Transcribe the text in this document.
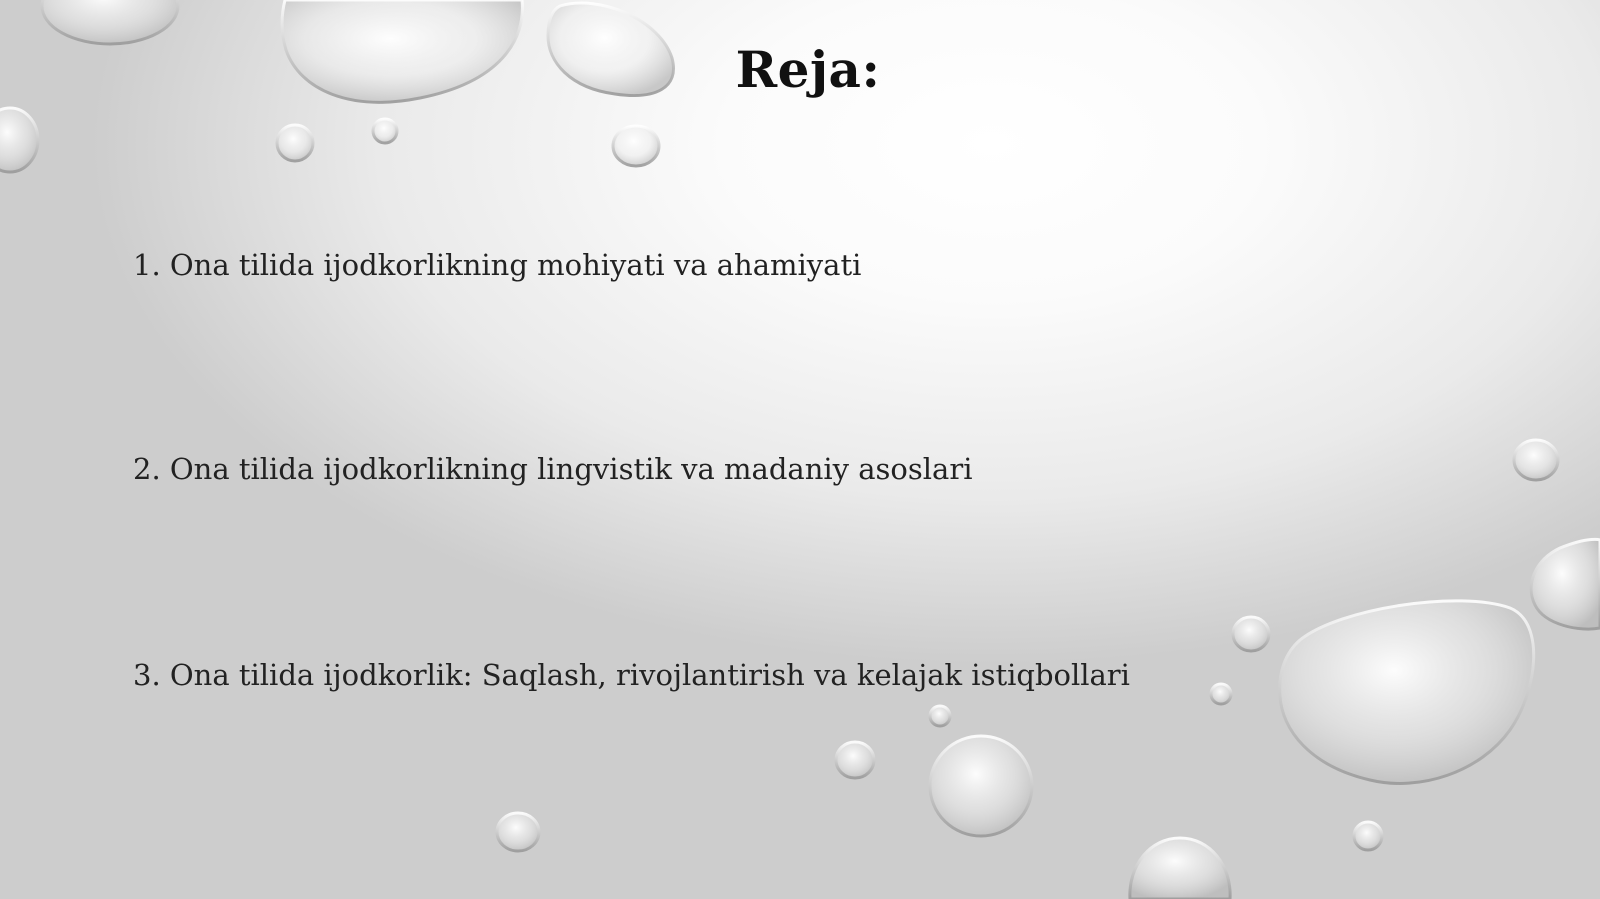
Reja:
1. Ona tilida ijodkorlikning mohiyati va ahamiyati
2. Ona tilida ijodkorlikning lingvistik va madaniy asoslari
3. Ona tilida ijodkorlik: Saqlash, rivojlantirish va kelajak istiqbollari
